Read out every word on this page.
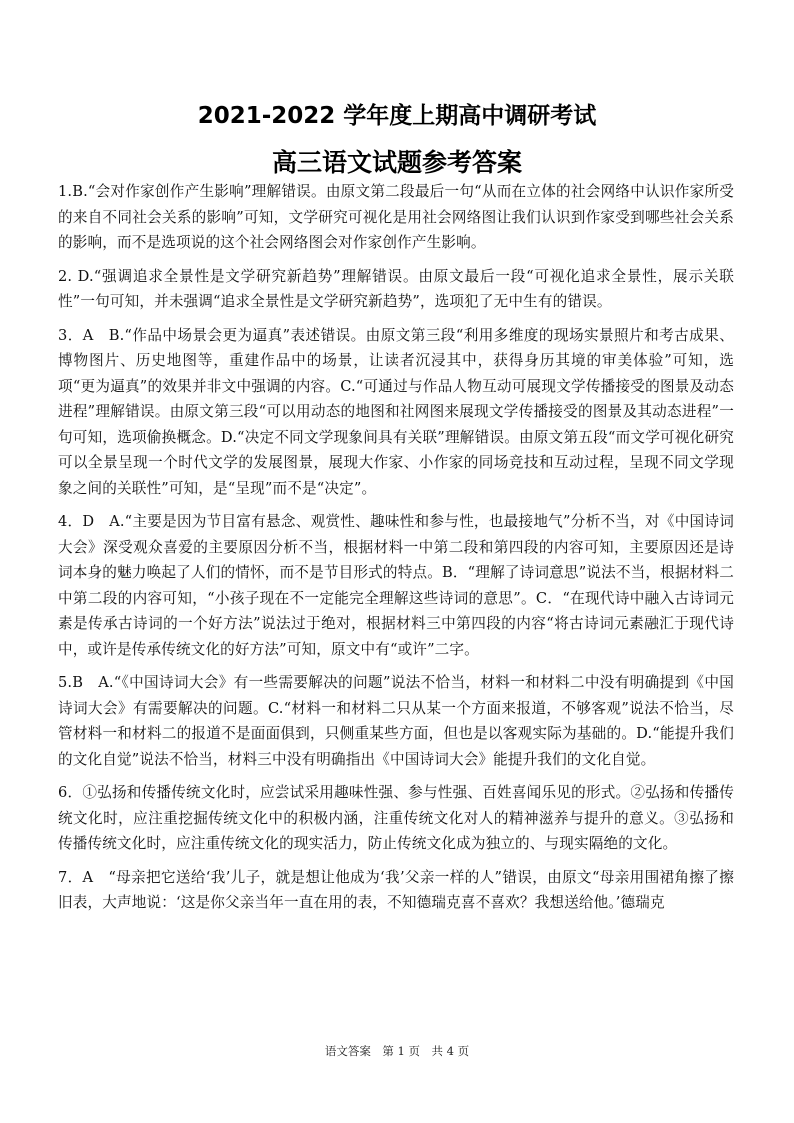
2021-2022 学年度上期高中调研考试
高三语文试题参考答案

1.B.“会对作家创作产生影响”理解错误。由原文第二段最后一句“从而在立体的社会网络中认识作家所受的来自不同社会关系的影响”可知，文学研究可视化是用社会网络图让我们认识到作家受到哪些社会关系的影响，而不是选项说的这个社会网络图会对作家创作产生影响。

2. D.“强调追求全景性是文学研究新趋势”理解错误。由原文最后一段“可视化追求全景性，展示关联性”一句可知，并未强调“追求全景性是文学研究新趋势”，选项犯了无中生有的错误。

3．A　B.“作品中场景会更为逼真”表述错误。由原文第三段“利用多维度的现场实景照片和考古成果、博物图片、历史地图等，重建作品中的场景，让读者沉浸其中，获得身历其境的审美体验”可知，选项“更为逼真”的效果并非文中强调的内容。C.“可通过与作品人物互动可展现文学传播接受的图景及动态进程”理解错误。由原文第三段“可以用动态的地图和社网图来展现文学传播接受的图景及其动态进程”一句可知，选项偷换概念。D.“决定不同文学现象间具有关联”理解错误。由原文第五段“而文学可视化研究可以全景呈现一个时代文学的发展图景，展现大作家、小作家的同场竞技和互动过程，呈现不同文学现象之间的关联性”可知，是“呈现”而不是“决定”。

4．D　A.“主要是因为节目富有悬念、观赏性、趣味性和参与性，也最接地气”分析不当，对《中国诗词大会》深受观众喜爱的主要原因分析不当，根据材料一中第二段和第四段的内容可知，主要原因还是诗词本身的魅力唤起了人们的情怀，而不是节目形式的特点。B．“理解了诗词意思”说法不当，根据材料二中第二段的内容可知，“小孩子现在不一定能完全理解这些诗词的意思”。C．“在现代诗中融入古诗词元素是传承古诗词的一个好方法”说法过于绝对，根据材料三中第四段的内容“将古诗词元素融汇于现代诗中，或许是传承传统文化的好方法”可知，原文中有“或许”二字。

5.B　A.“《中国诗词大会》有一些需要解决的问题”说法不恰当，材料一和材料二中没有明确提到《中国诗词大会》有需要解决的问题。C.“材料一和材料二只从某一个方面来报道，不够客观”说法不恰当，尽管材料一和材料二的报道不是面面俱到，只侧重某些方面，但也是以客观实际为基础的。D.“能提升我们的文化自觉”说法不恰当，材料三中没有明确指出《中国诗词大会》能提升我们的文化自觉。

6．①弘扬和传播传统文化时，应尝试采用趣味性强、参与性强、百姓喜闻乐见的形式。②弘扬和传播传统文化时，应注重挖掘传统文化中的积极内涵，注重传统文化对人的精神滋养与提升的意义。③弘扬和传播传统文化时，应注重传统文化的现实活力，防止传统文化成为独立的、与现实隔绝的文化。

7．A　“母亲把它送给‘我’儿子，就是想让他成为‘我’父亲一样的人”错误，由原文“母亲用围裙角擦了擦旧表，大声地说：‘这是你父亲当年一直在用的表，不知德瑞克喜不喜欢？我想送给他。’德瑞克

语文答案　第 1 页　共 4 页
